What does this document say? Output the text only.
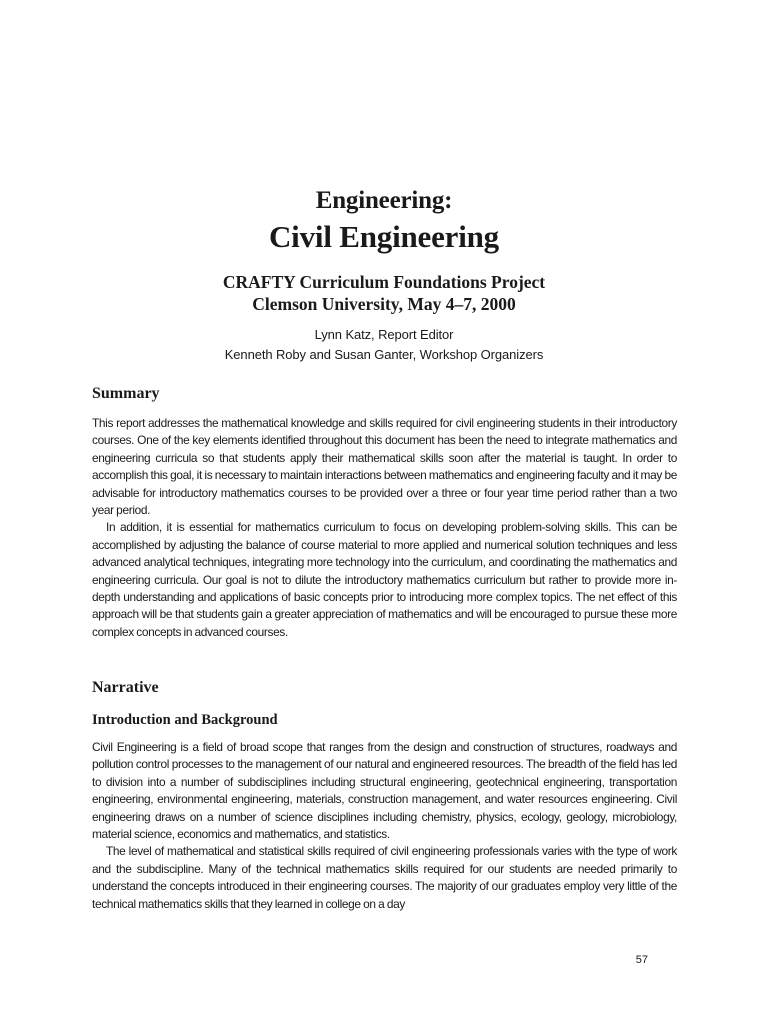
Engineering:

Civil Engineering

CRAFTY Curriculum Foundations Project

Clemson University, May 4–7, 2000

Lynn Katz, Report Editor

Kenneth Roby and Susan Ganter, Workshop Organizers

Summary

This report addresses the mathematical knowledge and skills required for civil engineering students in their introductory courses. One of the key elements identified throughout this document has been the need to integrate mathematics and engineering curricula so that students apply their mathematical skills soon after the material is taught. In order to accomplish this goal, it is necessary to maintain interactions between mathematics and engineering faculty and it may be advisable for introductory mathematics courses to be provided over a three or four year time period rather than a two year period.

In addition, it is essential for mathematics curriculum to focus on developing problem-solving skills. This can be accomplished by adjusting the balance of course material to more applied and numerical solution techniques and less advanced analytical techniques, integrating more technology into the curriculum, and coordinating the mathematics and engineering curricula. Our goal is not to dilute the introductory mathematics curriculum but rather to provide more in-depth understanding and applications of basic concepts prior to introducing more complex topics. The net effect of this approach will be that students gain a greater appreciation of mathematics and will be encouraged to pursue these more complex concepts in advanced courses.

Narrative
Introduction and Background

Civil Engineering is a field of broad scope that ranges from the design and construction of structures, roadways and pollution control processes to the management of our natural and engineered resources. The breadth of the field has led to division into a number of subdisciplines including structural engineering, geotechnical engineering, transportation engineering, environmental engineering, materials, construction management, and water resources engineering. Civil engineering draws on a number of science disciplines including chemistry, physics, ecology, geology, microbiology, material science, economics and mathematics, and statistics.

The level of mathematical and statistical skills required of civil engineering professionals varies with the type of work and the subdiscipline. Many of the technical mathematics skills required for our students are needed primarily to understand the concepts introduced in their engineering courses. The majority of our graduates employ very little of the technical mathematics skills that they learned in college on a day

57
